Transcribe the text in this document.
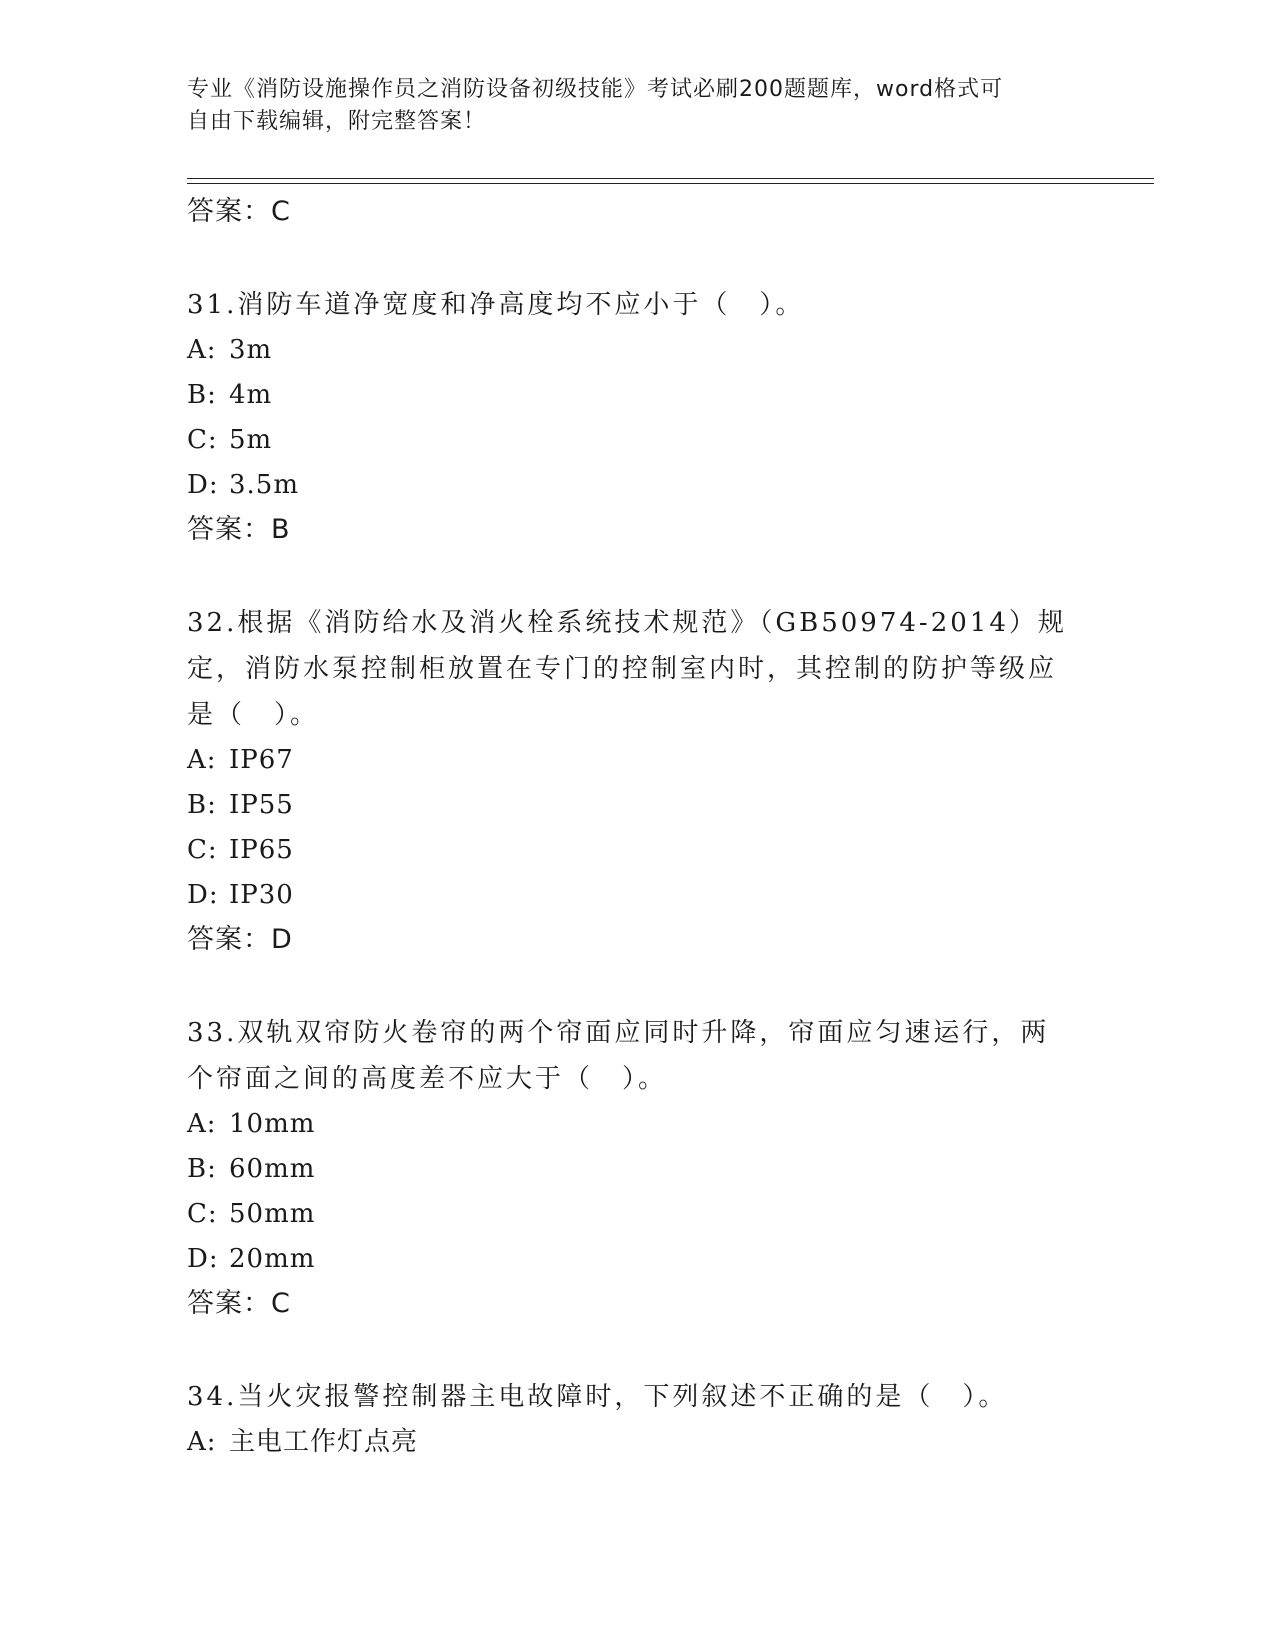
专业《消防设施操作员之消防设备初级技能》考试必刷200题题库，word格式可
自由下载编辑，附完整答案！
答案：C
31.消防车道净宽度和净高度均不应小于（　）。
A: 3m
B: 4m
C: 5m
D: 3.5m
答案：B
32.根据《消防给水及消火栓系统技术规范》（GB50974-2014）规定，消防水泵控制柜放置在专门的控制室内时，其控制的防护等级应是（　）。
A: IP67
B: IP55
C: IP65
D: IP30
答案：D
33.双轨双帘防火卷帘的两个帘面应同时升降，帘面应匀速运行，两个帘面之间的高度差不应大于（　）。
A: 10mm
B: 60mm
C: 50mm
D: 20mm
答案：C
34.当火灾报警控制器主电故障时，下列叙述不正确的是（　）。
A: 主电工作灯点亮
